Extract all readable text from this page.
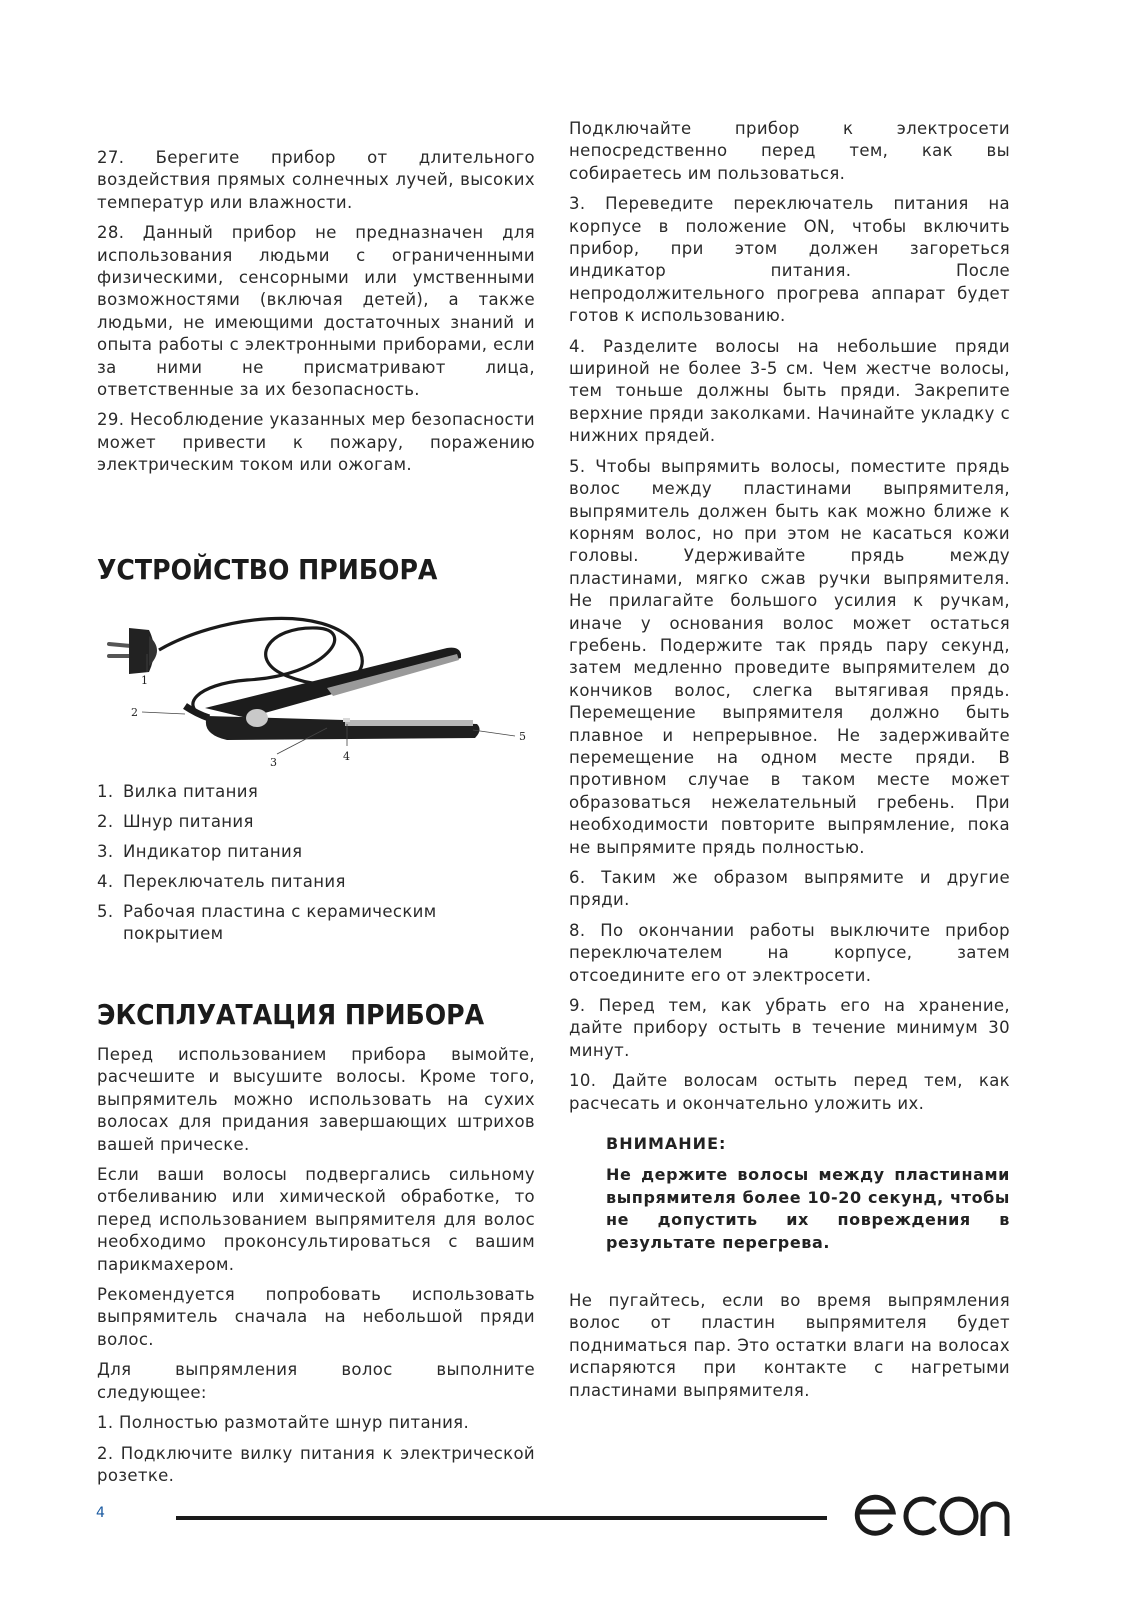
27. Берегите прибор от длительного воздействия прямых солнечных лучей, высоких температур или влажности.

28. Данный прибор не предназначен для использования людьми с ограниченными физическими, сенсорными или умственными возможностями (включая детей), а также людьми, не имеющими достаточных знаний и опыта работы с электронными приборами, если за ними не присматривают лица, ответственные за их безопасность.

29. Несоблюдение указанных мер безопасности может привести к пожару, поражению электрическим током или ожогам.

УСТРОЙСТВО ПРИБОРА
1
2
3	4
5
1. Вилка питания
2. Шнур питания
3. Индикатор питания
4. Переключатель питания
5. Рабочая пластина с керамическим покрытием
ЭКСПЛУАТАЦИЯ ПРИБОРА

Перед использованием прибора вымойте, расчешите и высушите волосы. Кроме того, выпрямитель можно использовать на сухих волосах для придания завершающих штрихов вашей прическе.

Если ваши волосы подвергались сильному отбеливанию или химической обработке, то перед использованием выпрямителя для волос необходимо проконсультироваться с вашим парикмахером.

Рекомендуется попробовать использовать выпрямитель сначала на небольшой пряди волос.

Для выпрямления волос выполните следующее:

1. Полностью размотайте шнур питания.

2. Подключите вилку питания к электрической розетке.

Подключайте прибор к электросети непосредственно перед тем, как вы собираетесь им пользоваться.

3. Переведите переключатель питания на корпусе в положение ON, чтобы включить прибор, при этом должен загореться индикатор питания. После непродолжительного прогрева аппарат будет готов к использованию.

4. Разделите волосы на небольшие пряди шириной не более 3-5 см. Чем жестче волосы, тем тоньше должны быть пряди. Закрепите верхние пряди заколками. Начинайте укладку с нижних прядей.

5. Чтобы выпрямить волосы, поместите прядь волос между пластинами выпрямителя, выпрямитель должен быть как можно ближе к корням волос, но при этом не касаться кожи головы. Удерживайте прядь между пластинами, мягко сжав ручки выпрямителя. Не прилагайте большого усилия к ручкам, иначе у основания волос может остаться гребень. Подержите так прядь пару секунд, затем медленно проведите выпрямителем до кончиков волос, слегка вытягивая прядь. Перемещение выпрямителя должно быть плавное и непрерывное. Не задерживайте перемещение на одном месте пряди. В противном случае в таком месте может образоваться нежелательный гребень. При необходимости повторите выпрямление, пока не выпрямите прядь полностью.

6. Таким же образом выпрямите и другие пряди.

8. По окончании работы выключите прибор переключателем на корпусе, затем отсоедините его от электросети.

9. Перед тем, как убрать его на хранение, дайте прибору остыть в течение минимум 30 минут.

10. Дайте волосам остыть перед тем, как расчесать и окончательно уложить их.

ВНИМАНИЕ:

Не держите волосы между пластинами выпрямителя более 10-20 секунд, чтобы не допустить их повреждения в результате перегрева.

Не пугайтесь, если во время выпрямления волос от пластин выпрямителя будет подниматься пар. Это остатки влаги на волосах испаряются при контакте с нагретыми пластинами выпрямителя.

4
